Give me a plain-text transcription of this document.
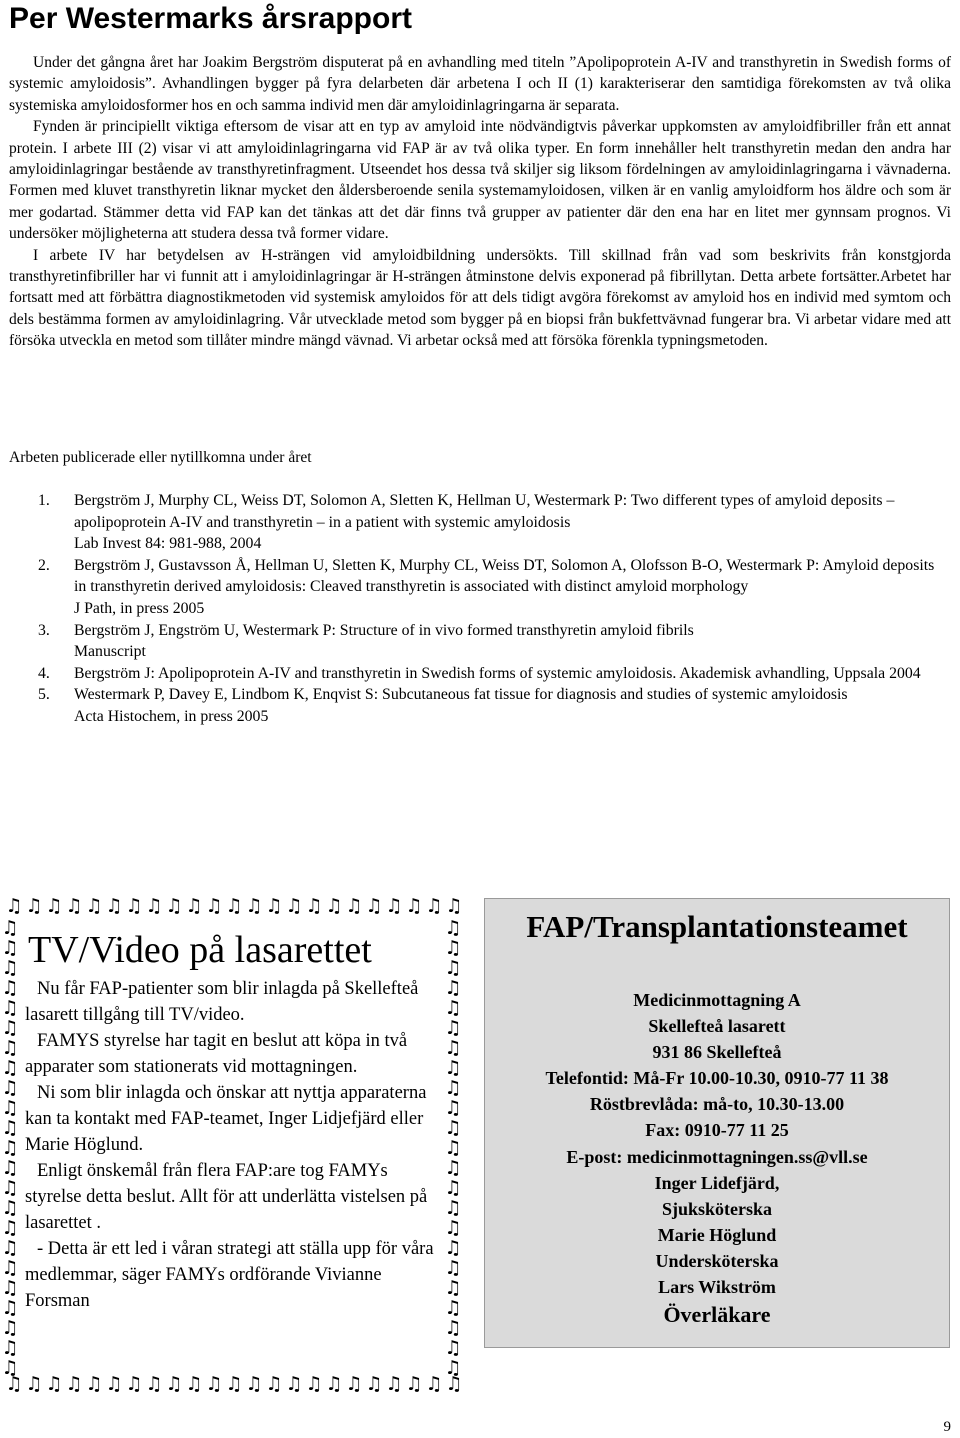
Per Westermarks årsrapport

Under det gångna året har Joakim Bergström disputerat på en avhandling med titeln ”Apolipoprotein A-IV and transthyretin in Swedish forms of systemic amyloidosis”. Avhandlingen bygger på fyra delarbeten där arbetena I och II (1) karakteriserar den samtidiga förekomsten av två olika systemiska amyloidosformer hos en och samma individ men där amyloidinlagringarna är separata.

Fynden är principiellt viktiga eftersom de visar att en typ av amyloid inte nödvändigtvis påverkar uppkomsten av amyloidfibriller från ett annat protein. I arbete III (2) visar vi att amyloidinlagringarna vid FAP är av två olika typer. En form innehåller helt transthyretin medan den andra har amyloidinlagringar bestående av transthyretinfragment. Utseendet hos dessa två skiljer sig liksom fördelningen av amyloidinlagringarna i vävnaderna. Formen med kluvet transthyretin liknar mycket den åldersberoende senila systemamyloidosen, vilken är en vanlig amyloidform hos äldre och som är mer godartad. Stämmer detta vid FAP kan det tänkas att det där finns två grupper av patienter där den ena har en litet mer gynnsam prognos. Vi undersöker möjligheterna att studera dessa två former vidare.

I arbete IV har betydelsen av H-strängen vid amyloidbildning undersökts. Till skillnad från vad som beskrivits från konstgjorda transthyretinfibriller har vi funnit att i amyloidinlagringar är H-strängen åtminstone delvis exponerad på fibrillytan. Detta arbete fortsätter.Arbetet har fortsatt med att förbättra diagnostikmetoden vid systemisk amyloidos för att dels tidigt avgöra förekomst av amyloid hos en individ med symtom och dels bestämma formen av amyloidinlagring. Vår utvecklade metod som bygger på en biopsi från bukfettvävnad fungerar bra. Vi arbetar vidare med att försöka utveckla en metod som tillåter mindre mängd vävnad. Vi arbetar också med att försöka förenkla typningsmetoden.

Arbeten publicerade eller nytillkomna under året
1. Bergström J, Murphy CL, Weiss DT, Solomon A, Sletten K, Hellman U, Westermark P: Two different types of amyloid deposits – apolipoprotein A-IV and transthyretin – in a patient with systemic amyloidosis
Lab Invest 84: 981-988, 2004
2. Bergström J, Gustavsson Å, Hellman U, Sletten K, Murphy CL, Weiss DT, Solomon A, Olofsson B-O, Westermark P: Amyloid deposits in transthyretin derived amyloidosis: Cleaved transthyretin is associated with distinct amyloid morphology
J Path, in press 2005
3. Bergström J, Engström U, Westermark P: Structure of in vivo formed transthyretin amyloid fibrils
Manuscript
4. Bergström J: Apolipoprotein A-IV and transthyretin in Swedish forms of systemic amyloidosis. Akademisk avhandling, Uppsala 2004
5. Westermark P, Davey E, Lindbom K, Enqvist S: Subcutaneous fat tissue for diagnosis and studies of systemic amyloidosis
Acta Histochem, in press 2005
♫ ♫ ♫ ♫ ♫ ♫ ♫ ♫ ♫ ♫ ♫ ♫ ♫ ♫ ♫ ♫ ♫ ♫ ♫ ♫ ♫ ♫ ♫
♫ ♫ ♫ ♫ ♫ ♫ ♫ ♫ ♫ ♫ ♫ ♫ ♫ ♫ ♫ ♫ ♫ ♫ ♫ ♫ ♫ ♫ ♫
♫
♫
♫
♫
♫
♫
♫
♫
♫
♫
♫
♫
♫
♫
♫
♫
♫
♫
♫
♫
♫
♫
♫
♫
♫
♫
♫
♫
♫
♫
♫
♫
♫
♫
♫
♫
♫
♫
♫
♫
♫
♫
♫
♫
♫
♫
TV/Video på lasarettet

Nu får FAP-patienter som blir inlagda på Skellefteå lasarett tillgång till TV/video.

FAMYS styrelse har tagit en beslut att köpa in två apparater som stationerats vid mottagningen.

Ni som blir inlagda och önskar att nyttja apparaterna kan ta kontakt med FAP-teamet, Inger Lidjefjärd eller Marie Höglund.

Enligt önskemål från flera FAP:are tog FAMYs styrelse detta beslut. Allt för att underlätta vistelsen på lasarettet .

- Detta är ett led i våran strategi att ställa upp för våra medlemmar, säger FAMYs ordförande Vivianne Forsman

FAP/Transplantationsteamet
Medicinmottagning A
Skellefteå lasarett
931 86 Skellefteå
Telefontid: Må-Fr 10.00-10.30, 0910-77 11 38
Röstbrevlåda: må-to, 10.30-13.00
Fax: 0910-77 11 25
E-post: medicinmottagningen.ss@vll.se
Inger Lidefjärd,
Sjuksköterska
Marie Höglund
Undersköterska
Lars Wikström
Överläkare
9
